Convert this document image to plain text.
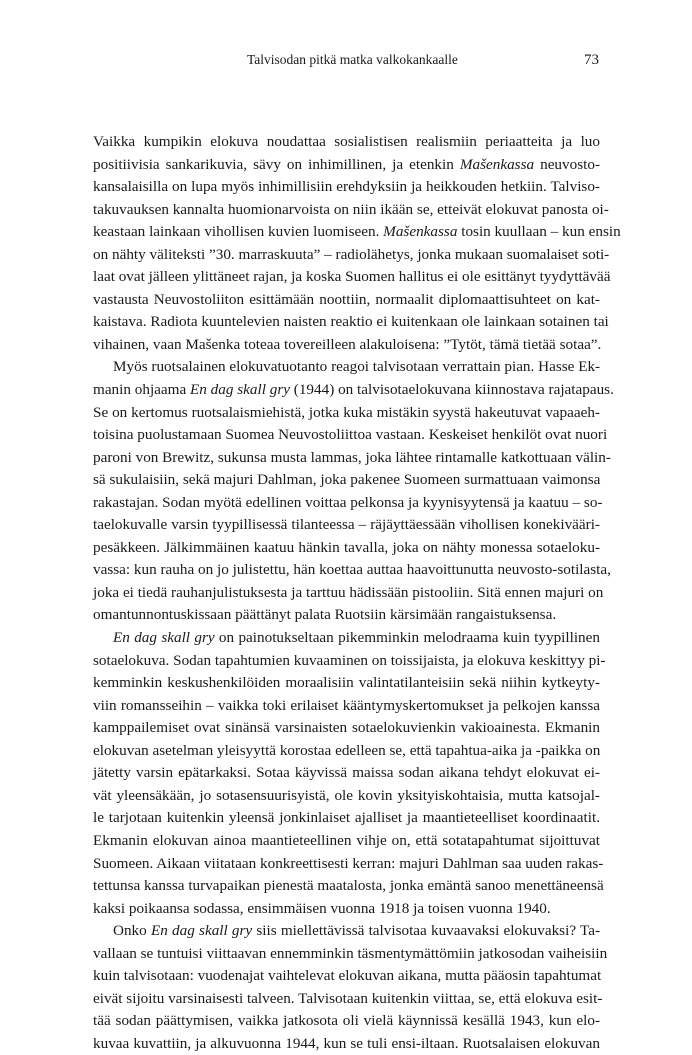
Talvisodan pitkä matka valkokankaalle	73

Vaikka kumpikin elokuva noudattaa sosialistisen realismiin periaatteita ja luo
positiivisia sankarikuvia, sävy on inhimillinen, ja etenkin Mašenkassa neuvosto-
kansalaisilla on lupa myös inhimillisiin erehdyksiin ja heikkouden hetkiin. Talviso-
takuvauksen kannalta huomionarvoista on niin ikään se, etteivät elokuvat panosta oi-
keastaan lainkaan vihollisen kuvien luomiseen. Mašenkassa tosin kuullaan – kun ensin
on nähty väliteksti ”30. marraskuuta” – radiolähetys, jonka mukaan suomalaiset soti-
laat ovat jälleen ylittäneet rajan, ja koska Suomen hallitus ei ole esittänyt tyydyttävää
vastausta Neuvostoliiton esittämään noottiin, normaalit diplomaattisuhteet on kat-
kaistava. Radiota kuuntelevien naisten reaktio ei kuitenkaan ole lainkaan sotainen tai
vihainen, vaan Mašenka toteaa tovereilleen alakuloisena: ”Tytöt, tämä tietää sotaa”.

Myös ruotsalainen elokuvatuotanto reagoi talvisotaan verrattain pian. Hasse Ek-
manin ohjaama En dag skall gry (1944) on talvisotaelokuvana kiinnostava rajatapaus.
Se on kertomus ruotsalaismiehistä, jotka kuka mistäkin syystä hakeutuvat vapaaeh-
toisina puolustamaan Suomea Neuvostoliittoa vastaan. Keskeiset henkilöt ovat nuori
paroni von Brewitz, sukunsa musta lammas, joka lähtee rintamalle katkottuaan välin-
sä sukulaisiin, sekä majuri Dahlman, joka pakenee Suomeen surmattuaan vaimonsa
rakastajan. Sodan myötä edellinen voittaa pelkonsa ja kyynisyytensä ja kaatuu – so-
taelokuvalle varsin tyypillisessä tilanteessa – räjäyttäessään vihollisen konekivääri-
pesäkkeen. Jälkimmäinen kaatuu hänkin tavalla, joka on nähty monessa sotaeloku-
vassa: kun rauha on jo julistettu, hän koettaa auttaa haavoittunutta neuvosto-sotilasta,
joka ei tiedä rauhanjulistuksesta ja tarttuu hädissään pistooliin. Sitä ennen majuri on
omantunnontuskissaan päättänyt palata Ruotsiin kärsimään rangaistuksensa.

En dag skall gry on painotukseltaan pikemminkin melodraama kuin tyypillinen
sotaelokuva. Sodan tapahtumien kuvaaminen on toissijaista, ja elokuva keskittyy pi-
kemminkin keskushenkilöiden moraalisiin valintatilanteisiin sekä niihin kytkeyty-
viin romansseihin – vaikka toki erilaiset kääntymyskertomukset ja pelkojen kanssa
kamppailemiset ovat sinänsä varsinaisten sotaelokuvienkin vakioainesta. Ekmanin
elokuvan asetelman yleisyyttä korostaa edelleen se, että tapahtua-aika ja -paikka on
jätetty varsin epätarkaksi. Sotaa käyvissä maissa sodan aikana tehdyt elokuvat ei-
vät yleensäkään, jo sotasensuurisyistä, ole kovin yksityiskohtaisia, mutta katsojal-
le tarjotaan kuitenkin yleensä jonkinlaiset ajalliset ja maantieteelliset koordinaatit.
Ekmanin elokuvan ainoa maantieteellinen vihje on, että sotatapahtumat sijoittuvat
Suomeen. Aikaan viitataan konkreettisesti kerran: majuri Dahlman saa uuden rakas-
tettunsa kanssa turvapaikan pienestä maatalosta, jonka emäntä sanoo menettäneensä
kaksi poikaansa sodassa, ensimmäisen vuonna 1918 ja toisen vuonna 1940.

Onko En dag skall gry siis miellettävissä talvisotaa kuvaavaksi elokuvaksi? Ta-
vallaan se tuntuisi viittaavan ennemminkin täsmentymättömiin jatkosodan vaiheisiin
kuin talvisotaan: vuodenajat vaihtelevat elokuvan aikana, mutta pääosin tapahtumat
eivät sijoitu varsinaisesti talveen. Talvisotaan kuitenkin viittaa, se, että elokuva esit-
tää sodan päättymisen, vaikka jatkosota oli vielä käynnissä kesällä 1943, kun elo-
kuvaa kuvattiin, ja alkuvuonna 1944, kun se tuli ensi-iltaan. Ruotsalaisen elokuvan
